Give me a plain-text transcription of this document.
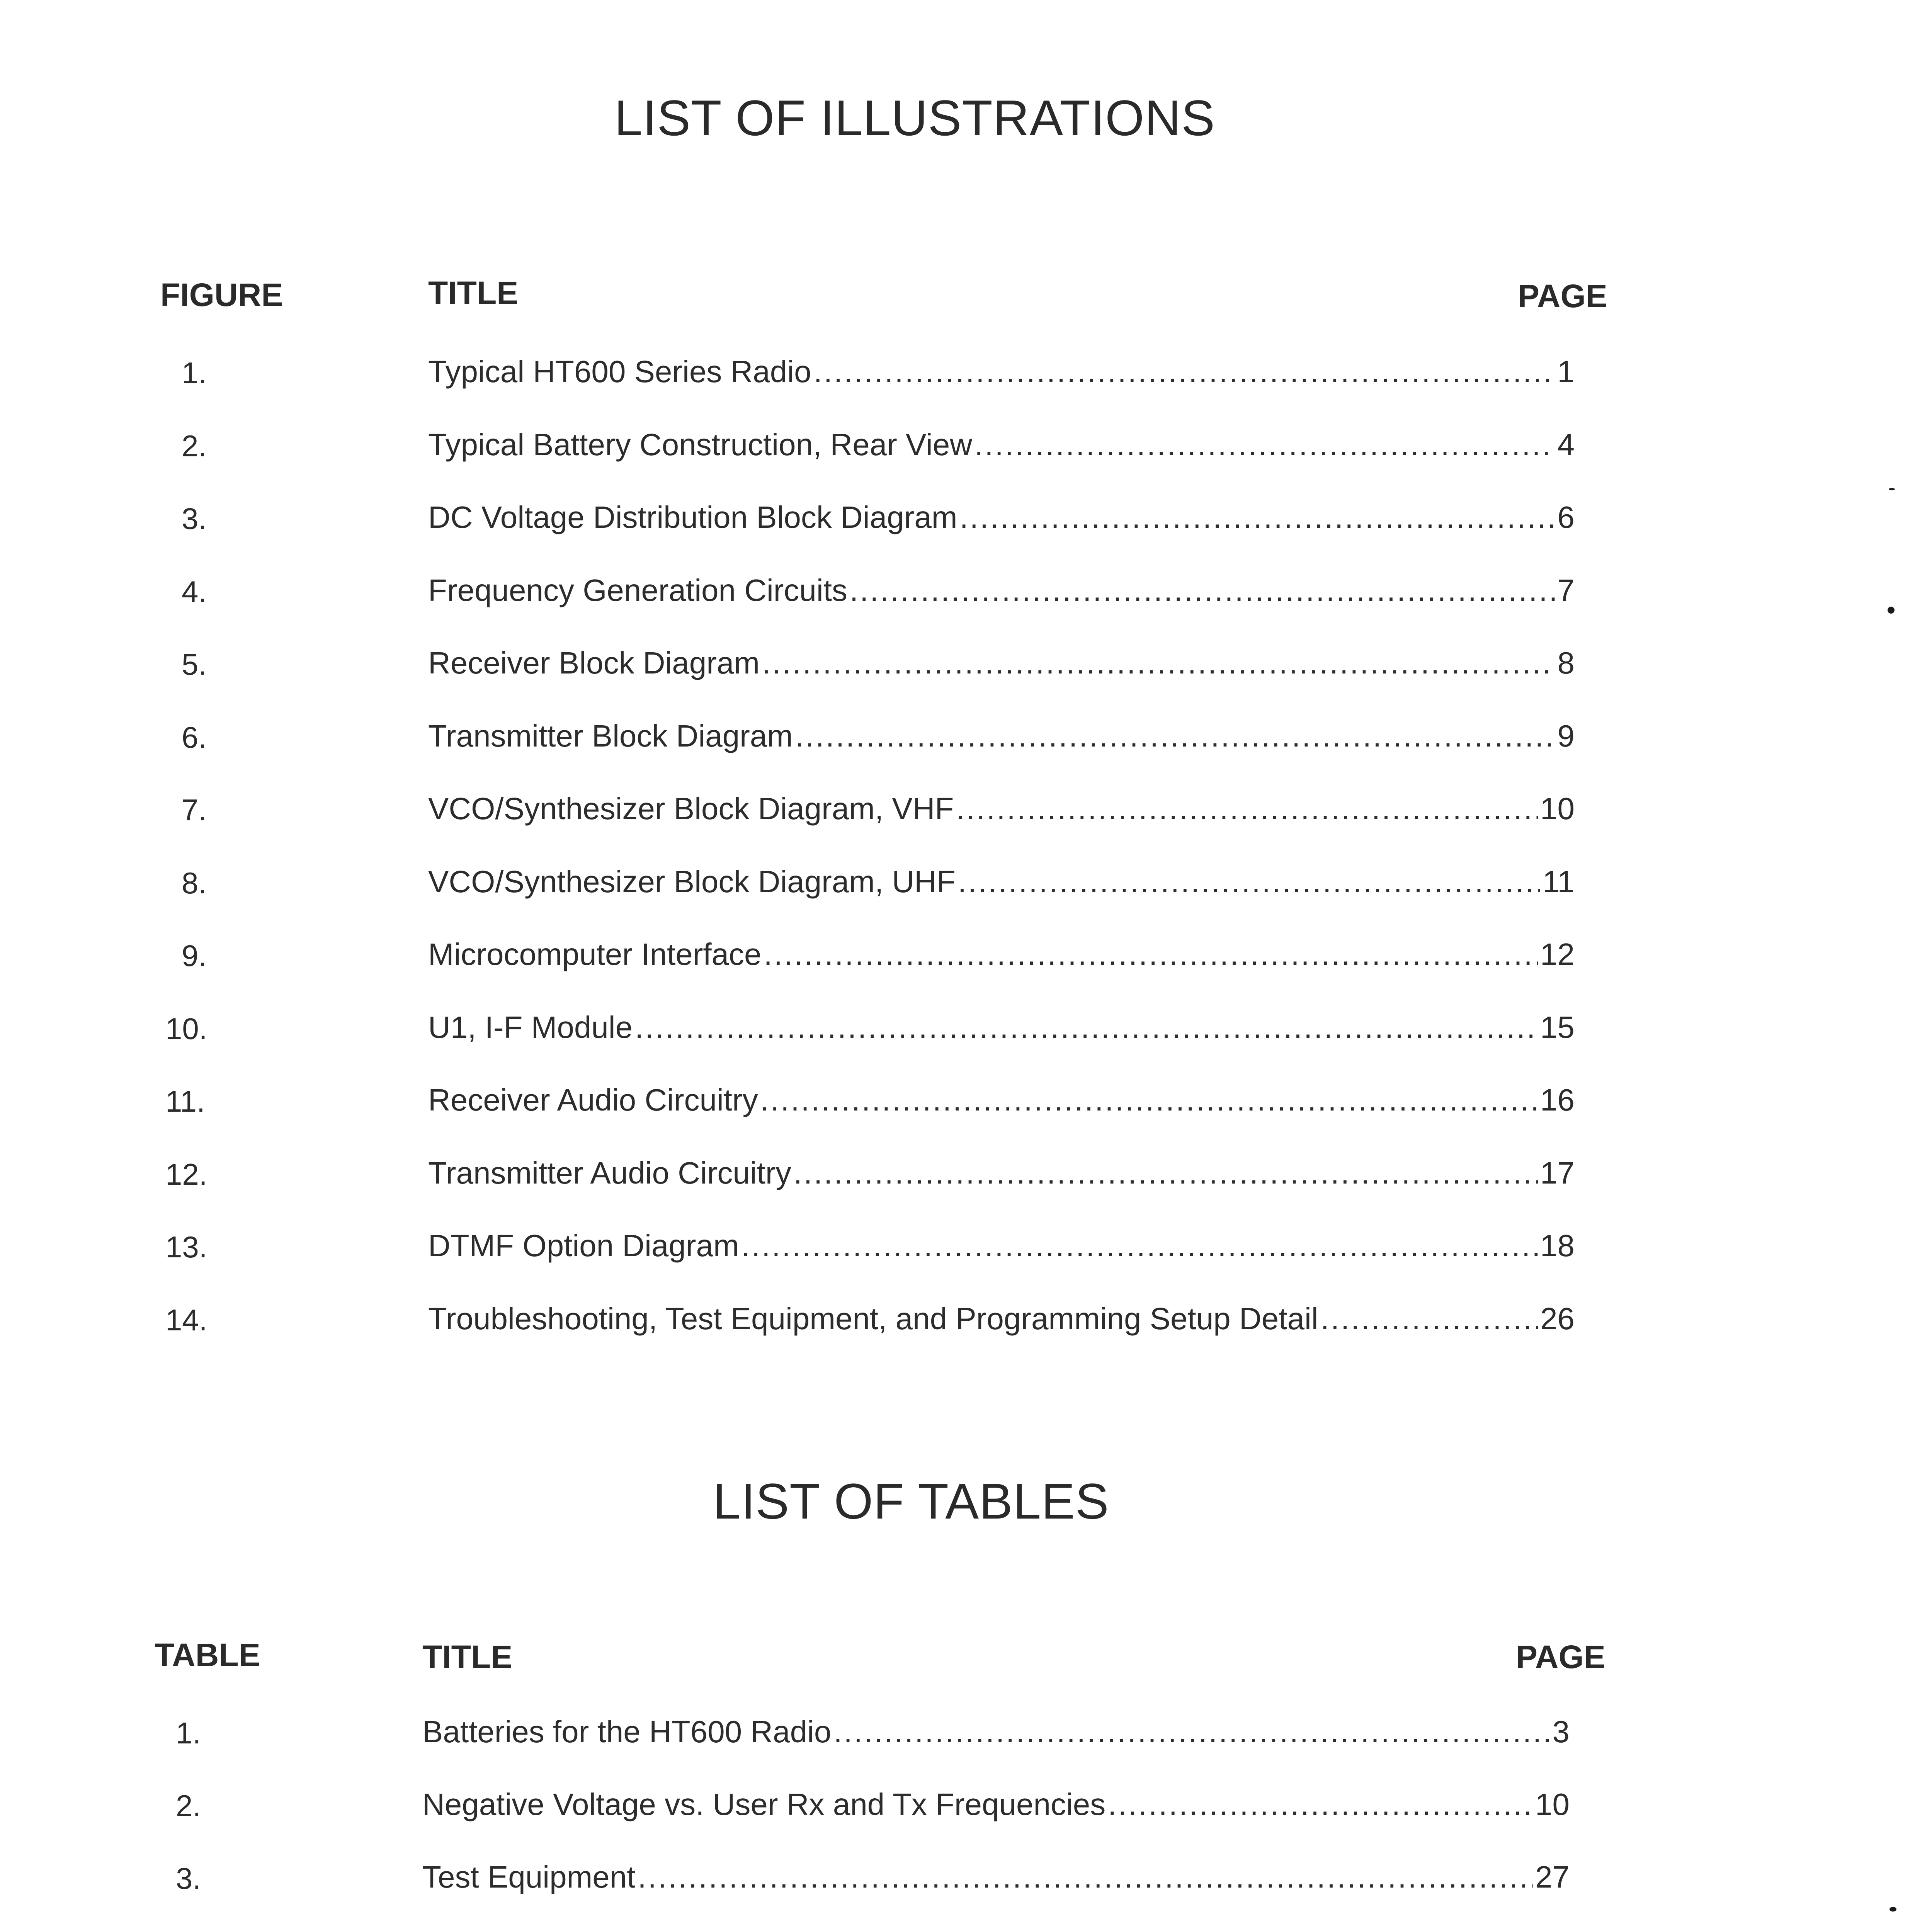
LIST OF ILLUSTRATIONS
FIGURE	TITLE	PAGE
1.	Typical HT600 Series Radio .....	1
2.	Typical Battery Construction, Rear View .....	4
3.	DC Voltage Distribution Block Diagram .....	6
4.	Frequency Generation Circuits .....	7
5.	Receiver Block Diagram .....	8
6.	Transmitter Block Diagram .....	9
7.	VCO/Synthesizer Block Diagram, VHF .....	10
8.	VCO/Synthesizer Block Diagram, UHF .....	11
9.	Microcomputer Interface .....	12
10.	U1, I-F Module .....	15
11.	Receiver Audio Circuitry .....	16
12.	Transmitter Audio Circuitry .....	17
13.	DTMF Option Diagram .....	18
14.	Troubleshooting, Test Equipment, and Programming Setup Detail .....	26
LIST OF TABLES
TABLE	TITLE	PAGE
1.	Batteries for the HT600 Radio .....	3
2.	Negative Voltage vs. User Rx and Tx Frequencies .....	10
3.	Test Equipment .....	27
